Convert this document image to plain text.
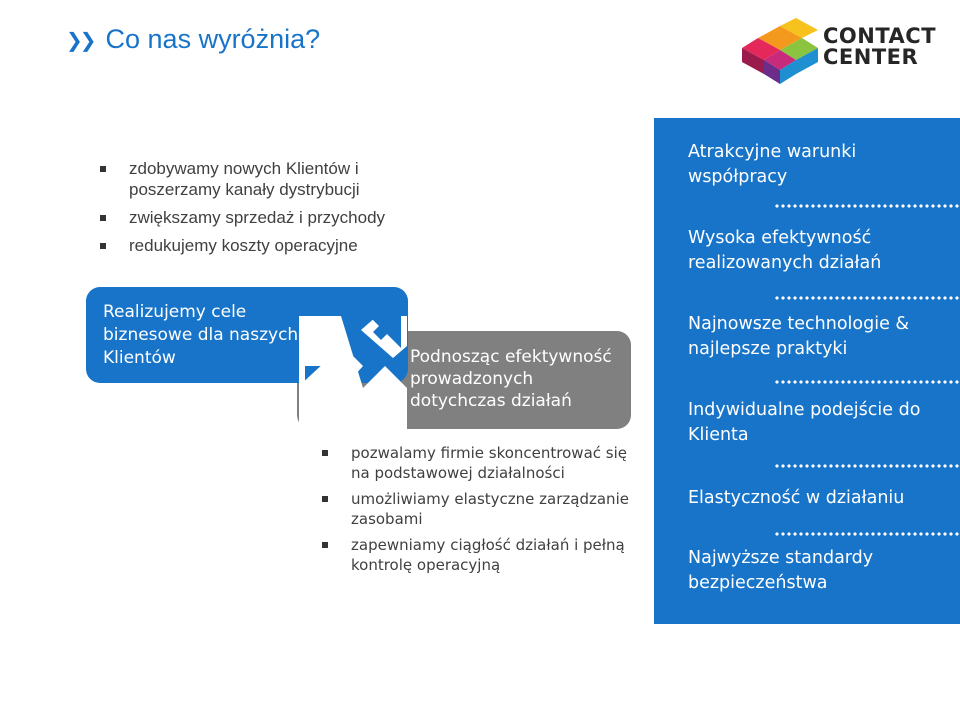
❯❯ Co nas wyróżnia?	CONTACT
CENTER
zdobywamy nowych Klientów i poszerzamy kanały dystrybucji
zwiększamy sprzedaż i przychody
redukujemy koszty operacyjne
Podnosząc efektywność prowadzonych dotychczas działań
Realizujemy cele biznesowe dla naszych Klientów
pozwalamy firmie skoncentrować się na podstawowej działalności
umożliwiamy elastyczne zarządzanie zasobami
zapewniamy ciągłość działań i pełną kontrolę operacyjną
Atrakcyjne warunki współpracy
Wysoka efektywność realizowanych działań
Najnowsze technologie & najlepsze praktyki
Indywidualne podejście do Klienta
Elastyczność w działaniu
Najwyższe standardy bezpieczeństwa
